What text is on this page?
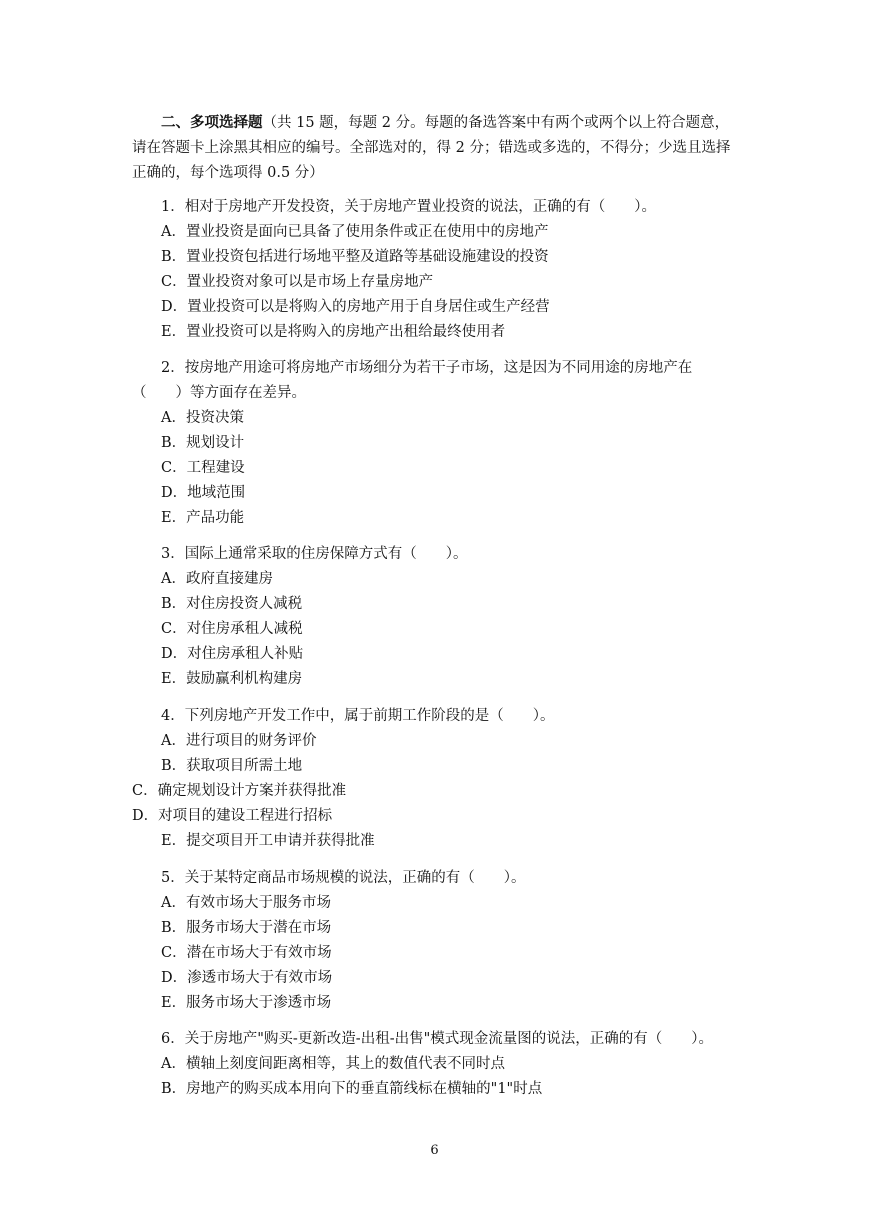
二、多项选择题（共 15 题，每题 2 分。每题的备选答案中有两个或两个以上符合题意，请在答题卡上涂黑其相应的编号。全部选对的，得 2 分；错选或多选的，不得分；少选且选择正确的，每个选项得 0.5 分）
1．相对于房地产开发投资，关于房地产置业投资的说法，正确的有（　　）。
A．置业投资是面向已具备了使用条件或正在使用中的房地产
B．置业投资包括进行场地平整及道路等基础设施建设的投资
C．置业投资对象可以是市场上存量房地产
D．置业投资可以是将购入的房地产用于自身居住或生产经营
E．置业投资可以是将购入的房地产出租给最终使用者
2．按房地产用途可将房地产市场细分为若干子市场，这是因为不同用途的房地产在（　　）等方面存在差异。
A．投资决策
B．规划设计
C．工程建设
D．地域范围
E．产品功能
3．国际上通常采取的住房保障方式有（　　）。
A．政府直接建房
B．对住房投资人减税
C．对住房承租人减税
D．对住房承租人补贴
E．鼓励赢利机构建房
4．下列房地产开发工作中，属于前期工作阶段的是（　　）。
A．进行项目的财务评价
B．获取项目所需土地
C．确定规划设计方案并获得批准
D．对项目的建设工程进行招标
E．提交项目开工申请并获得批准
5．关于某特定商品市场规模的说法，正确的有（　　）。
A．有效市场大于服务市场
B．服务市场大于潜在市场
C．潜在市场大于有效市场
D．渗透市场大于有效市场
E．服务市场大于渗透市场
6．关于房地产"购买-更新改造-出租-出售"模式现金流量图的说法，正确的有（　　）。
A．横轴上刻度间距离相等，其上的数值代表不同时点
B．房地产的购买成本用向下的垂直箭线标在横轴的"1"时点
6
